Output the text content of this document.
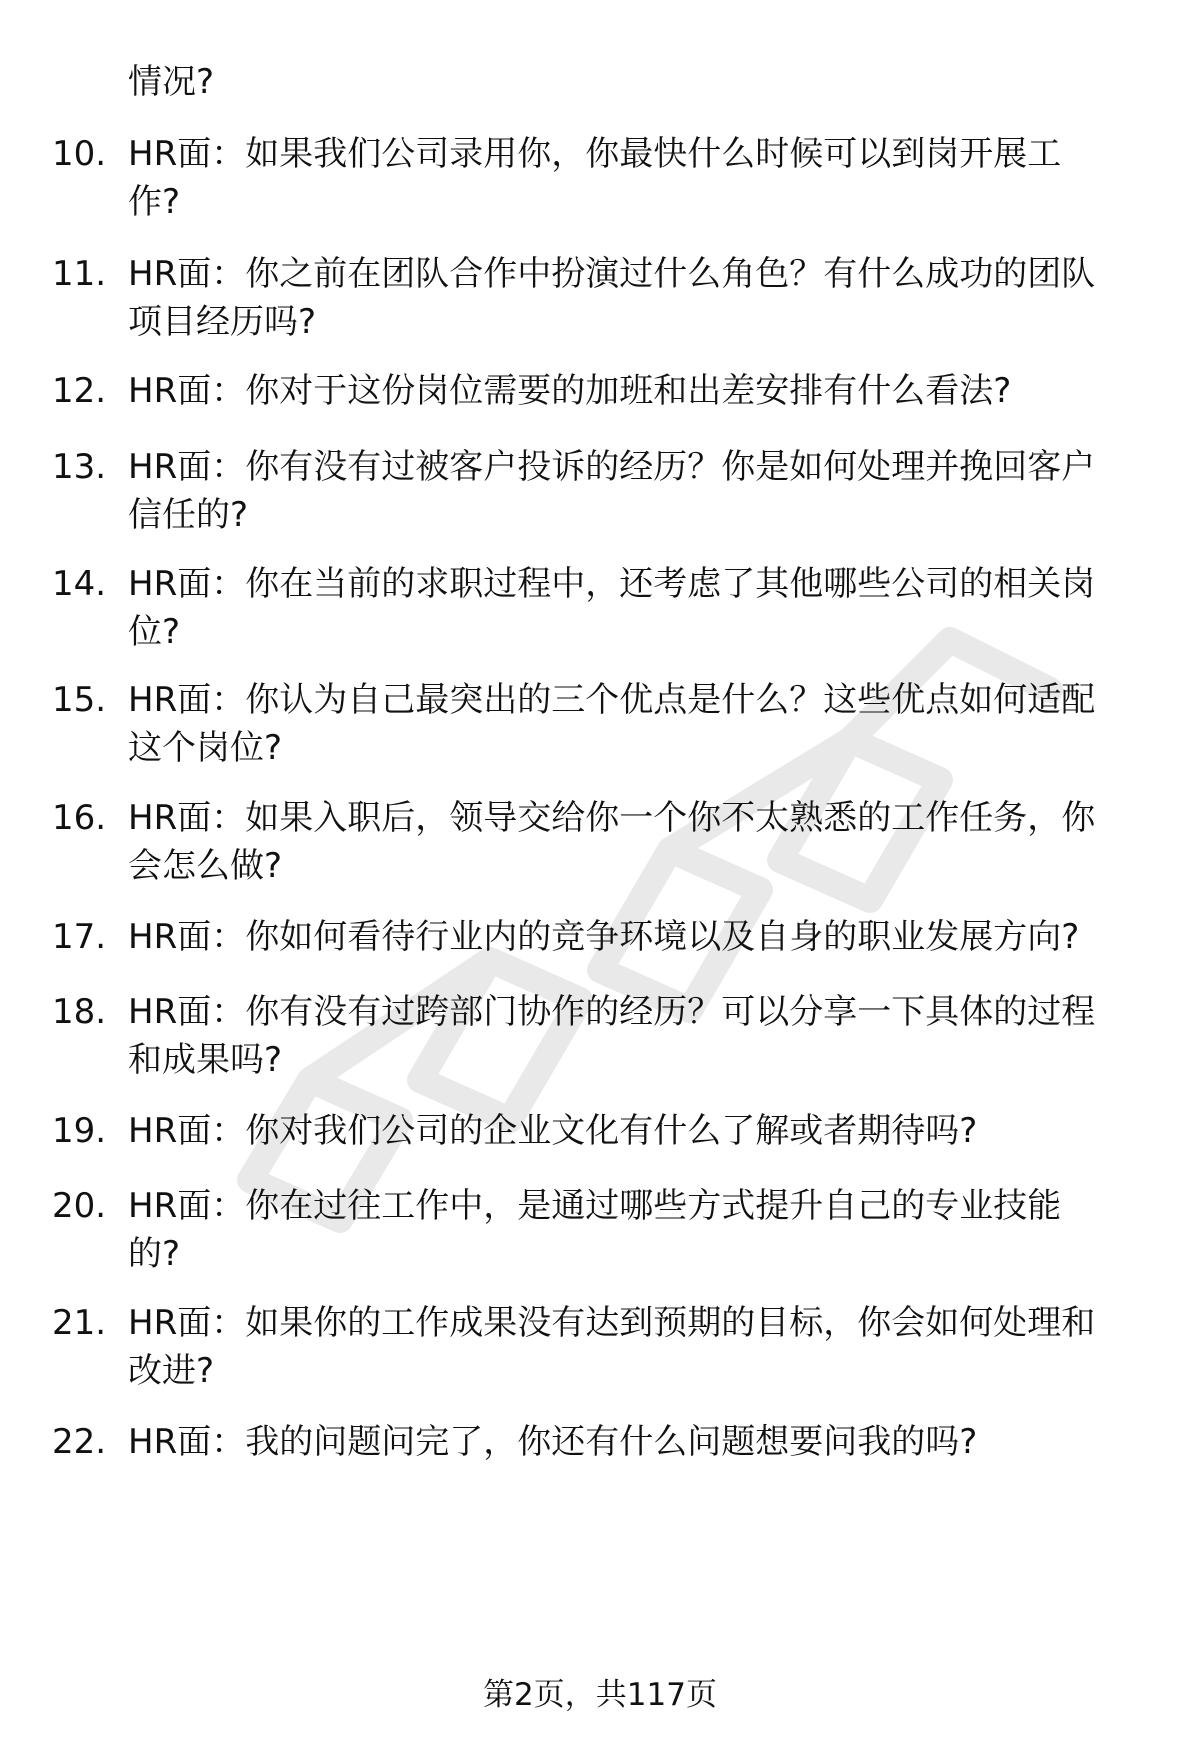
情况?
10. HR面：如果我们公司录用你，你最快什么时候可以到岗开展工
作?
11. HR面：你之前在团队合作中扮演过什么角色？有什么成功的团队
项目经历吗?
12. HR面：你对于这份岗位需要的加班和出差安排有什么看法?
13. HR面：你有没有过被客户投诉的经历？你是如何处理并挽回客户
信任的?
14. HR面：你在当前的求职过程中，还考虑了其他哪些公司的相关岗
位?
15. HR面：你认为自己最突出的三个优点是什么？这些优点如何适配
这个岗位?
16. HR面：如果入职后，领导交给你一个你不太熟悉的工作任务，你
会怎么做?
17. HR面：你如何看待行业内的竞争环境以及自身的职业发展方向?
18. HR面：你有没有过跨部门协作的经历？可以分享一下具体的过程
和成果吗?
19. HR面：你对我们公司的企业文化有什么了解或者期待吗?
20. HR面：你在过往工作中，是通过哪些方式提升自己的专业技能
的?
21. HR面：如果你的工作成果没有达到预期的目标，你会如何处理和
改进?
22. HR面：我的问题问完了，你还有什么问题想要问我的吗?
第2页，共117页
